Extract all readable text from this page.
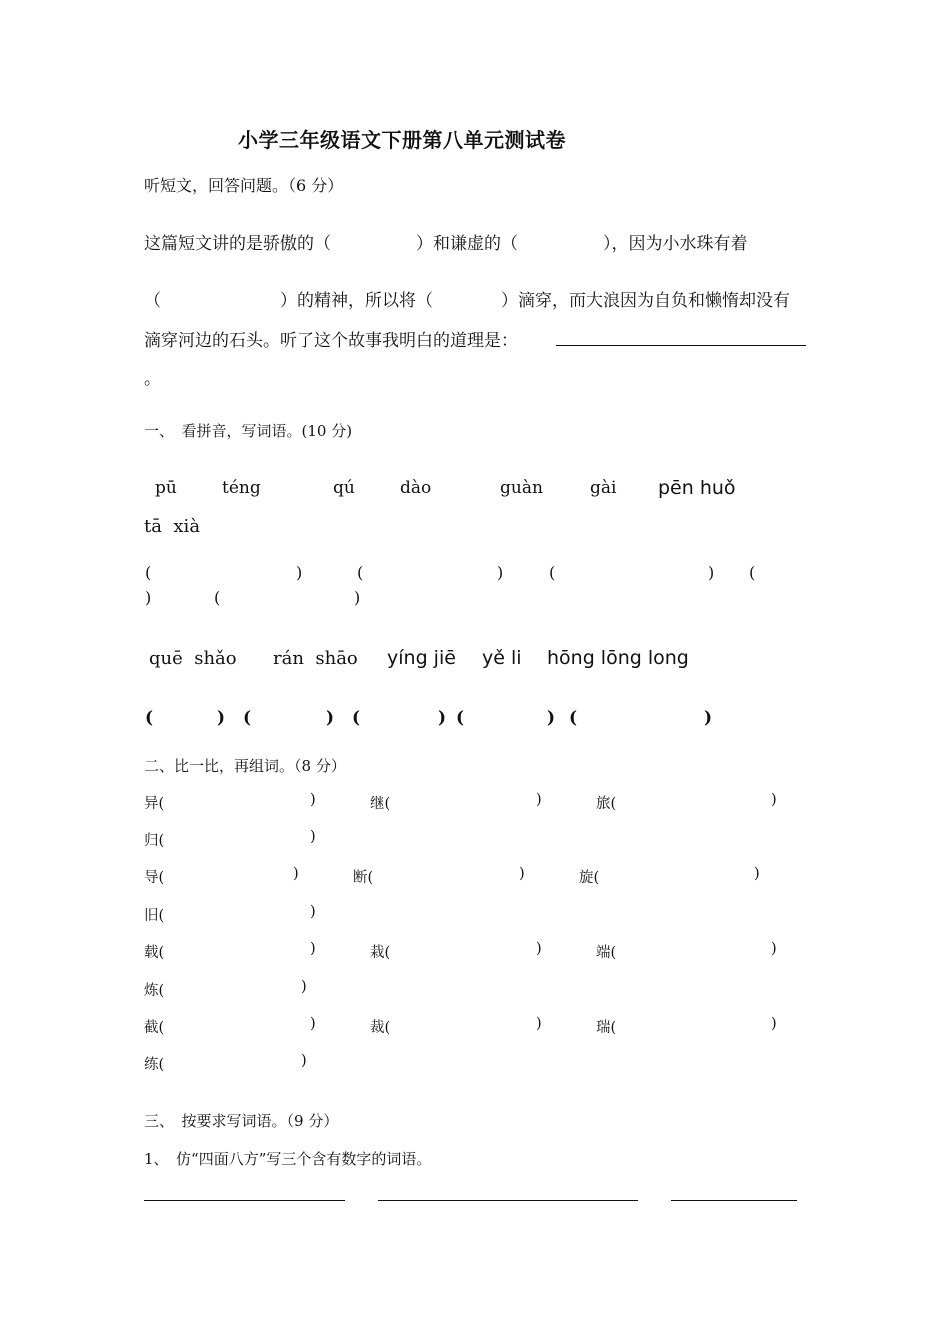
小学三年级语文下册第八单元测试卷
听短文，回答问题。（6 分）
这篇短文讲的是骄傲的（　　　　　）和谦虚的（　　　　　），因为小水珠有着
（　　　　　　　）的精神，所以将（　　　　）滴穿，而大浪因为自负和懒惰却没有
滴穿河边的石头。听了这个故事我明白的道理是：
。
一、　看拼音，写词语。(10 分)
pū	téng	qú	dào	guàn	gài pēn huǒ
tā  xià
(	)	(	)	(	) (
)	(	)
quē  shǎo rán  shāo yíng jiē yě li hōng lōng long
(	) (	) (	) (	) (	)
二、比一比，再组词。（8 分）
异(	)	继(	)	旅(	)
归(	)
导(	)	断(	)	旋(	)
旧(	)
载(	)	栽(	)	端(	)
炼(	)
截(	)	裁(	)	瑞(	)
练(	)
三、　按要求写词语。（9 分）
1、　仿“四面八方”写三个含有数字的词语。
